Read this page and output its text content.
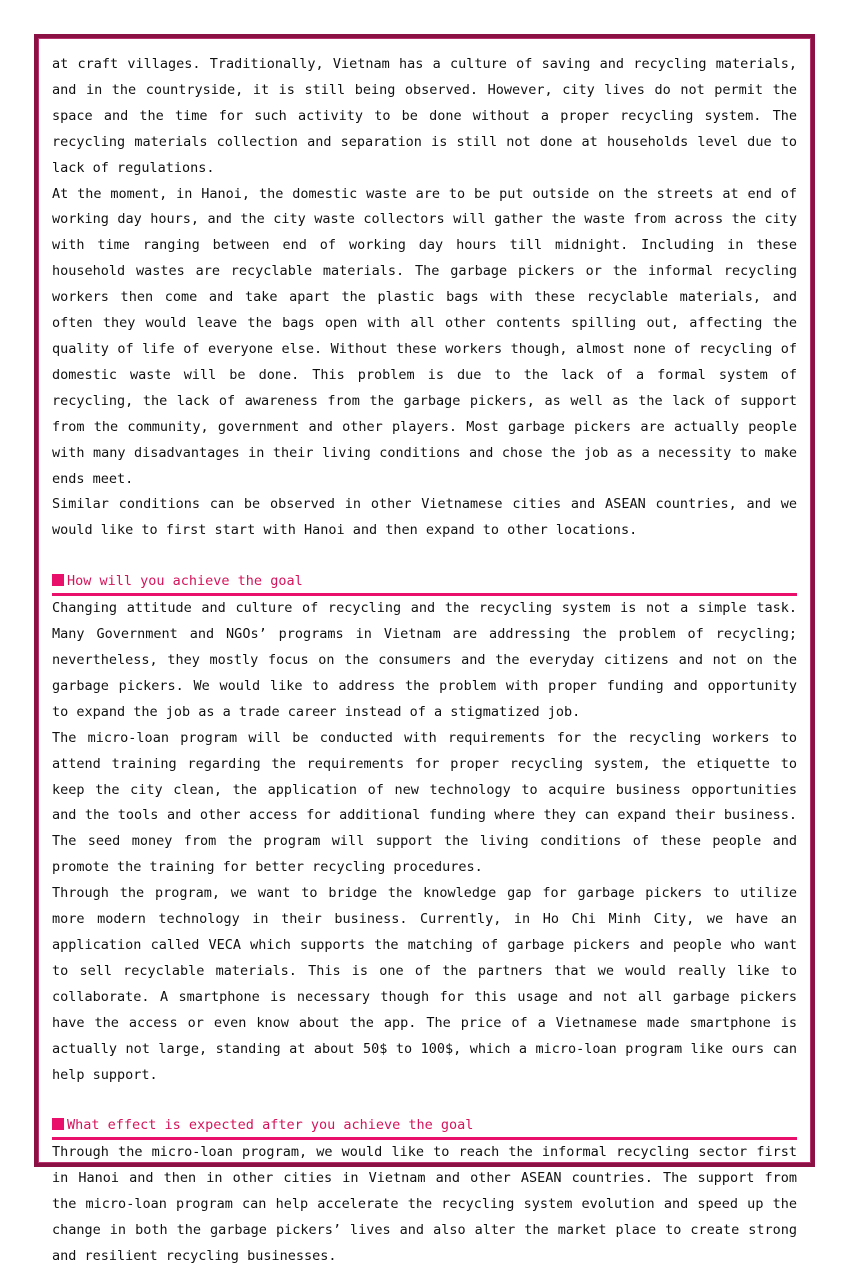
at craft villages. Traditionally, Vietnam has a culture of saving and recycling materials, and in the countryside, it is still being observed. However, city lives do not permit the space and the time for such activity to be done without a proper recycling system. The recycling materials collection and separation is still not done at households level due to lack of regulations.

At the moment, in Hanoi, the domestic waste are to be put outside on the streets at end of working day hours, and the city waste collectors will gather the waste from across the city with time ranging between end of working day hours till midnight. Including in these household wastes are recyclable materials. The garbage pickers or the informal recycling workers then come and take apart the plastic bags with these recyclable materials, and often they would leave the bags open with all other contents spilling out, affecting the quality of life of everyone else. Without these workers though, almost none of recycling of domestic waste will be done. This problem is due to the lack of a formal system of recycling, the lack of awareness from the garbage pickers, as well as the lack of support from the community, government and other players. Most garbage pickers are actually people with many disadvantages in their living conditions and chose the job as a necessity to make ends meet.

Similar conditions can be observed in other Vietnamese cities and ASEAN countries, and we would like to first start with Hanoi and then expand to other locations.

How will you achieve the goal

Changing attitude and culture of recycling and the recycling system is not a simple task. Many Government and NGOs’ programs in Vietnam are addressing the problem of recycling; nevertheless, they mostly focus on the consumers and the everyday citizens and not on the garbage pickers. We would like to address the problem with proper funding and opportunity to expand the job as a trade career instead of a stigmatized job.

The micro-loan program will be conducted with requirements for the recycling workers to attend training regarding the requirements for proper recycling system, the etiquette to keep the city clean, the application of new technology to acquire business opportunities and the tools and other access for additional funding where they can expand their business. The seed money from the program will support the living conditions of these people and promote the training for better recycling procedures.

Through the program, we want to bridge the knowledge gap for garbage pickers to utilize more modern technology in their business. Currently, in Ho Chi Minh City, we have an application called VECA which supports the matching of garbage pickers and people who want to sell recyclable materials. This is one of the partners that we would really like to collaborate. A smartphone is necessary though for this usage and not all garbage pickers have the access or even know about the app. The price of a Vietnamese made smartphone is actually not large, standing at about 50$ to 100$, which a micro-loan program like ours can help support.

What effect is expected after you achieve the goal

Through the micro-loan program, we would like to reach the informal recycling sector first in Hanoi and then in other cities in Vietnam and other ASEAN countries. The support from the micro-loan program can help accelerate the recycling system evolution and speed up the change in both the garbage pickers’ lives and also alter the market place to create strong and resilient recycling businesses.
